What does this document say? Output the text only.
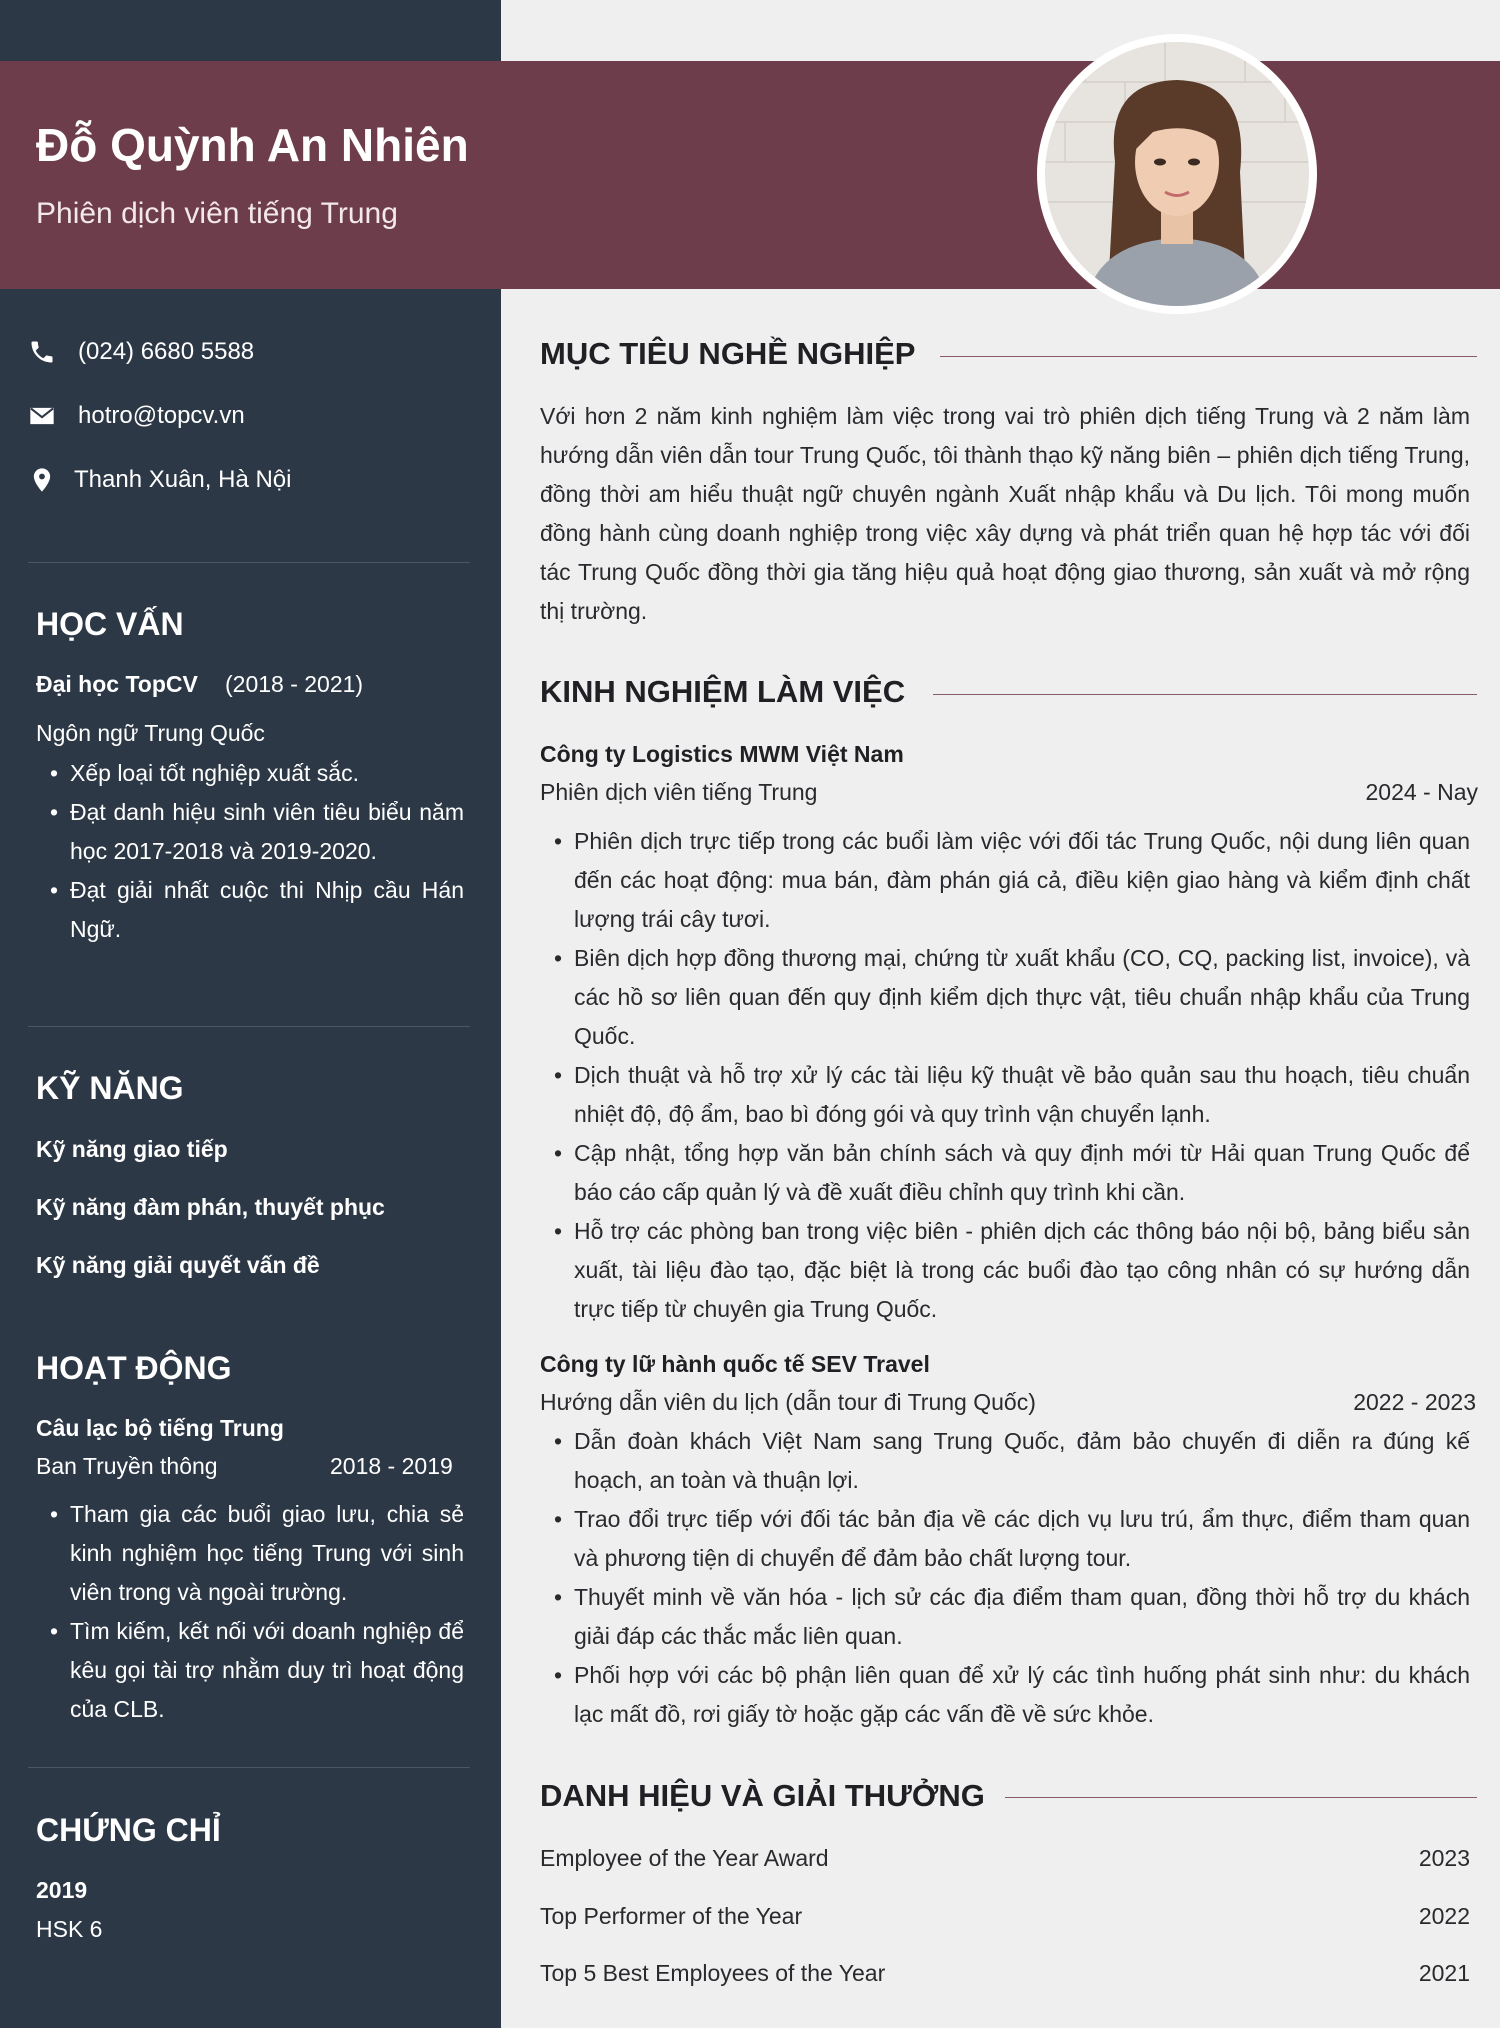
Đỗ Quỳnh An Nhiên
Phiên dịch viên tiếng Trung
(024) 6680 5588
hotro@topcv.vn
Thanh Xuân, Hà Nội
HỌC VẤN
Đại học TopCV (2018 - 2021)
Ngôn ngữ Trung Quốc
• Xếp loại tốt nghiệp xuất sắc.
• Đạt danh hiệu sinh viên tiêu biểu năm học 2017-2018 và 2019-2020.
• Đạt giải nhất cuộc thi Nhịp cầu Hán Ngữ.
KỸ NĂNG
Kỹ năng giao tiếp
Kỹ năng đàm phán, thuyết phục
Kỹ năng giải quyết vấn đề
HOẠT ĐỘNG
Câu lạc bộ tiếng Trung
Ban Truyền thông	2018 - 2019
• Tham gia các buổi giao lưu, chia sẻ kinh nghiệm học tiếng Trung với sinh viên trong và ngoài trường.
• Tìm kiếm, kết nối với doanh nghiệp để kêu gọi tài trợ nhằm duy trì hoạt động của CLB.
CHỨNG CHỈ
2019
HSK 6
MỤC TIÊU NGHỀ NGHIỆP

Với hơn 2 năm kinh nghiệm làm việc trong vai trò phiên dịch tiếng Trung và 2 năm làm hướng dẫn viên dẫn tour Trung Quốc, tôi thành thạo kỹ năng biên – phiên dịch tiếng Trung, đồng thời am hiểu thuật ngữ chuyên ngành Xuất nhập khẩu và Du lịch. Tôi mong muốn đồng hành cùng doanh nghiệp trong việc xây dựng và phát triển quan hệ hợp tác với đối tác Trung Quốc đồng thời gia tăng hiệu quả hoạt động giao thương, sản xuất và mở rộng thị trường.

KINH NGHIỆM LÀM VIỆC
Công ty Logistics MWM Việt Nam
Phiên dịch viên tiếng Trung	2024 - Nay
• Phiên dịch trực tiếp trong các buổi làm việc với đối tác Trung Quốc, nội dung liên quan đến các hoạt động: mua bán, đàm phán giá cả, điều kiện giao hàng và kiểm định chất lượng trái cây tươi.
• Biên dịch hợp đồng thương mại, chứng từ xuất khẩu (CO, CQ, packing list, invoice), và các hồ sơ liên quan đến quy định kiểm dịch thực vật, tiêu chuẩn nhập khẩu của Trung Quốc.
• Dịch thuật và hỗ trợ xử lý các tài liệu kỹ thuật về bảo quản sau thu hoạch, tiêu chuẩn nhiệt độ, độ ẩm, bao bì đóng gói và quy trình vận chuyển lạnh.
• Cập nhật, tổng hợp văn bản chính sách và quy định mới từ Hải quan Trung Quốc để báo cáo cấp quản lý và đề xuất điều chỉnh quy trình khi cần.
• Hỗ trợ các phòng ban trong việc biên - phiên dịch các thông báo nội bộ, bảng biểu sản xuất, tài liệu đào tạo, đặc biệt là trong các buổi đào tạo công nhân có sự hướng dẫn trực tiếp từ chuyên gia Trung Quốc.
Công ty lữ hành quốc tế SEV Travel
Hướng dẫn viên du lịch (dẫn tour đi Trung Quốc)	2022 - 2023
• Dẫn đoàn khách Việt Nam sang Trung Quốc, đảm bảo chuyến đi diễn ra đúng kế hoạch, an toàn và thuận lợi.
• Trao đổi trực tiếp với đối tác bản địa về các dịch vụ lưu trú, ẩm thực, điểm tham quan và phương tiện di chuyển để đảm bảo chất lượng tour.
• Thuyết minh về văn hóa - lịch sử các địa điểm tham quan, đồng thời hỗ trợ du khách giải đáp các thắc mắc liên quan.
• Phối hợp với các bộ phận liên quan để xử lý các tình huống phát sinh như: du khách lạc mất đồ, rơi giấy tờ hoặc gặp các vấn đề về sức khỏe.
DANH HIỆU VÀ GIẢI THƯỞNG
Employee of the Year Award	2023
Top Performer of the Year	2022
Top 5 Best Employees of the Year	2021
